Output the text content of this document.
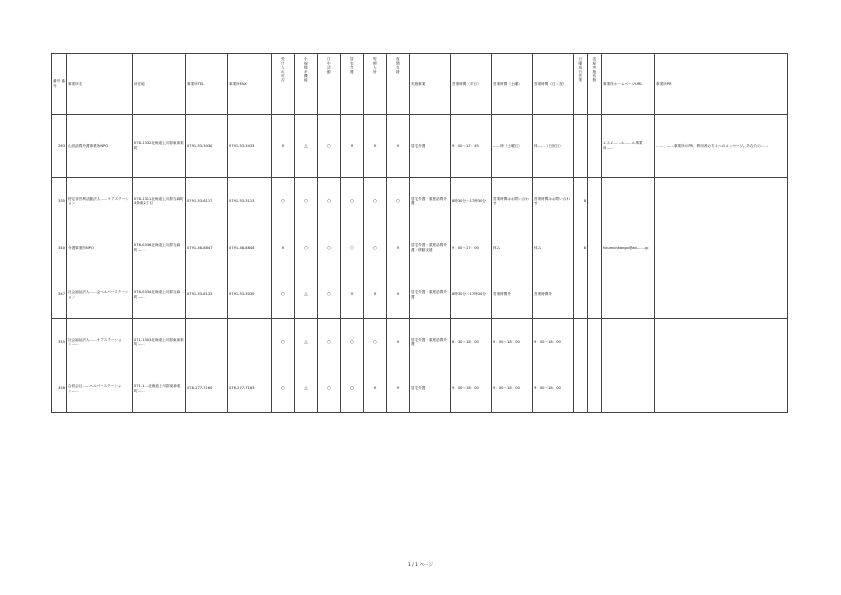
番号 番号	事業所名	所在地	事業所TEL	事業所FAX	受け入れ可否	小規模多機能	日中活動	居宅介護	短期入所	夜間支援	実施事業	営業時間（平日）	営業時間（土曜）	営業時間（日・祝）	日曜祝日営業	送迎実施有無	事業所ホームページURL	事業所PR
263	山田訪問介護事業所NPO	078-1332北海道上川郡東神楽町	0791-53-3430	0791-53-3433	×	△	○	×	×	×	居宅介護	9：00～17：45	……時（土曜日）	休……（日祝日）			エスエ……ル……ル事業所……	……、……事業所のPR、利用者の方々へのメッセージ。あなたの……
335	特定非営利活動法人……ケアステーション	078-1311北海道上川郡当麻町3条東2丁目	0791-53-6117	0791-53-3113	○	○	○	○	○	○	居宅介護・重度訪問介護	8時30分～17時30分	営業時間はお問い合わせ	営業時間はお問い合わせ	8			
340	介護事業所NPO	078-0336北海道上川郡当麻町……	0791-48-8847	0791-48-8844	×	○	○	○	○	×	居宅介護・重度訪問介護・移動支援	9：00～17：00	休み	休み	8		houmonkango@ab.……jp	
347	社会福祉法人……会ヘルパーステーション	078-0334北海道上川郡当麻町……	0791-53-8133	0791-53-3030	○	△	○	×	×	×	居宅介護・重度訪問介護	8時30分～17時30分	営業時間外	営業時間外				
355	社会福祉法人……ケアステーション……	071-1303北海道上川郡東神楽町……			○	△	○	○	○	×	居宅介護・重度訪問介護	8：30～18：00	9：00～18：00	9：00～18：00				
358	合同会社……ヘルパーステーション……	071-1…北海道上川郡東神楽町……	078-277-7160	078-277-7163	○	△	○	○	×	×	居宅介護	9：00～18：00	9：00～18：00	9：00～18：00				
1 / 1 ページ
